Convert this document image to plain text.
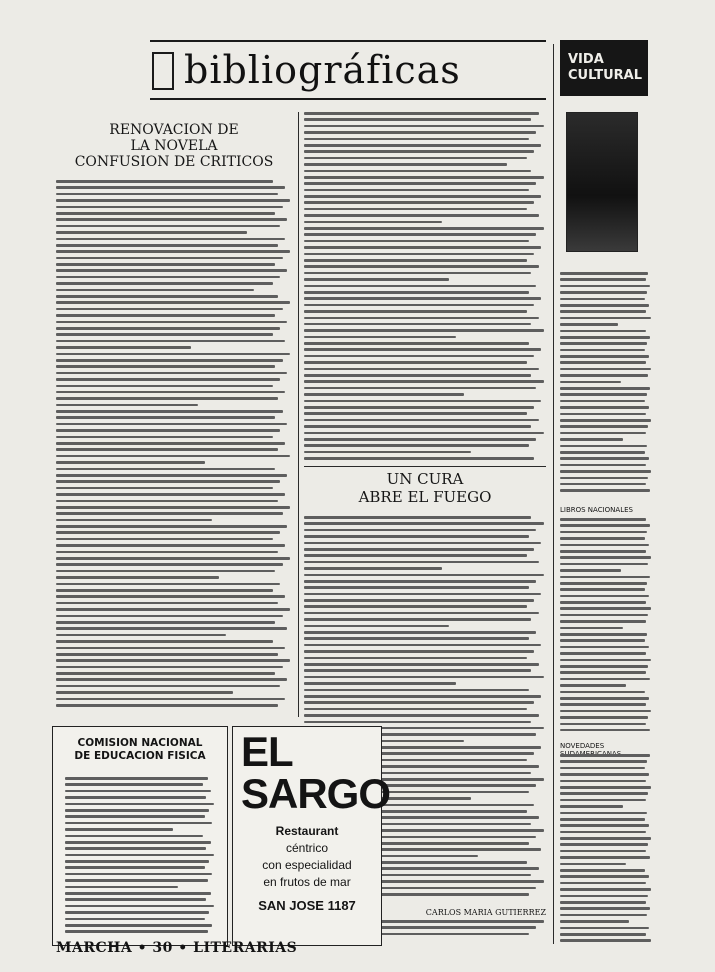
bibliográficas	VIDA
CULTURAL
RENOVACION DE
LA NOVELA
CONFUSION DE CRITICOS
UN CURA
ABRE EL FUEGO
CARLOS MARIA GUTIERREZ
LIBROS NACIONALES
NOVEDADES
COMISION NACIONAL
DE EDUCACION FISICA EL
SARGO
Restaurant
céntrico
con especialidad
en frutos de mar
SAN JOSE 1187
MARCHA • 30 • LITERARIAS
